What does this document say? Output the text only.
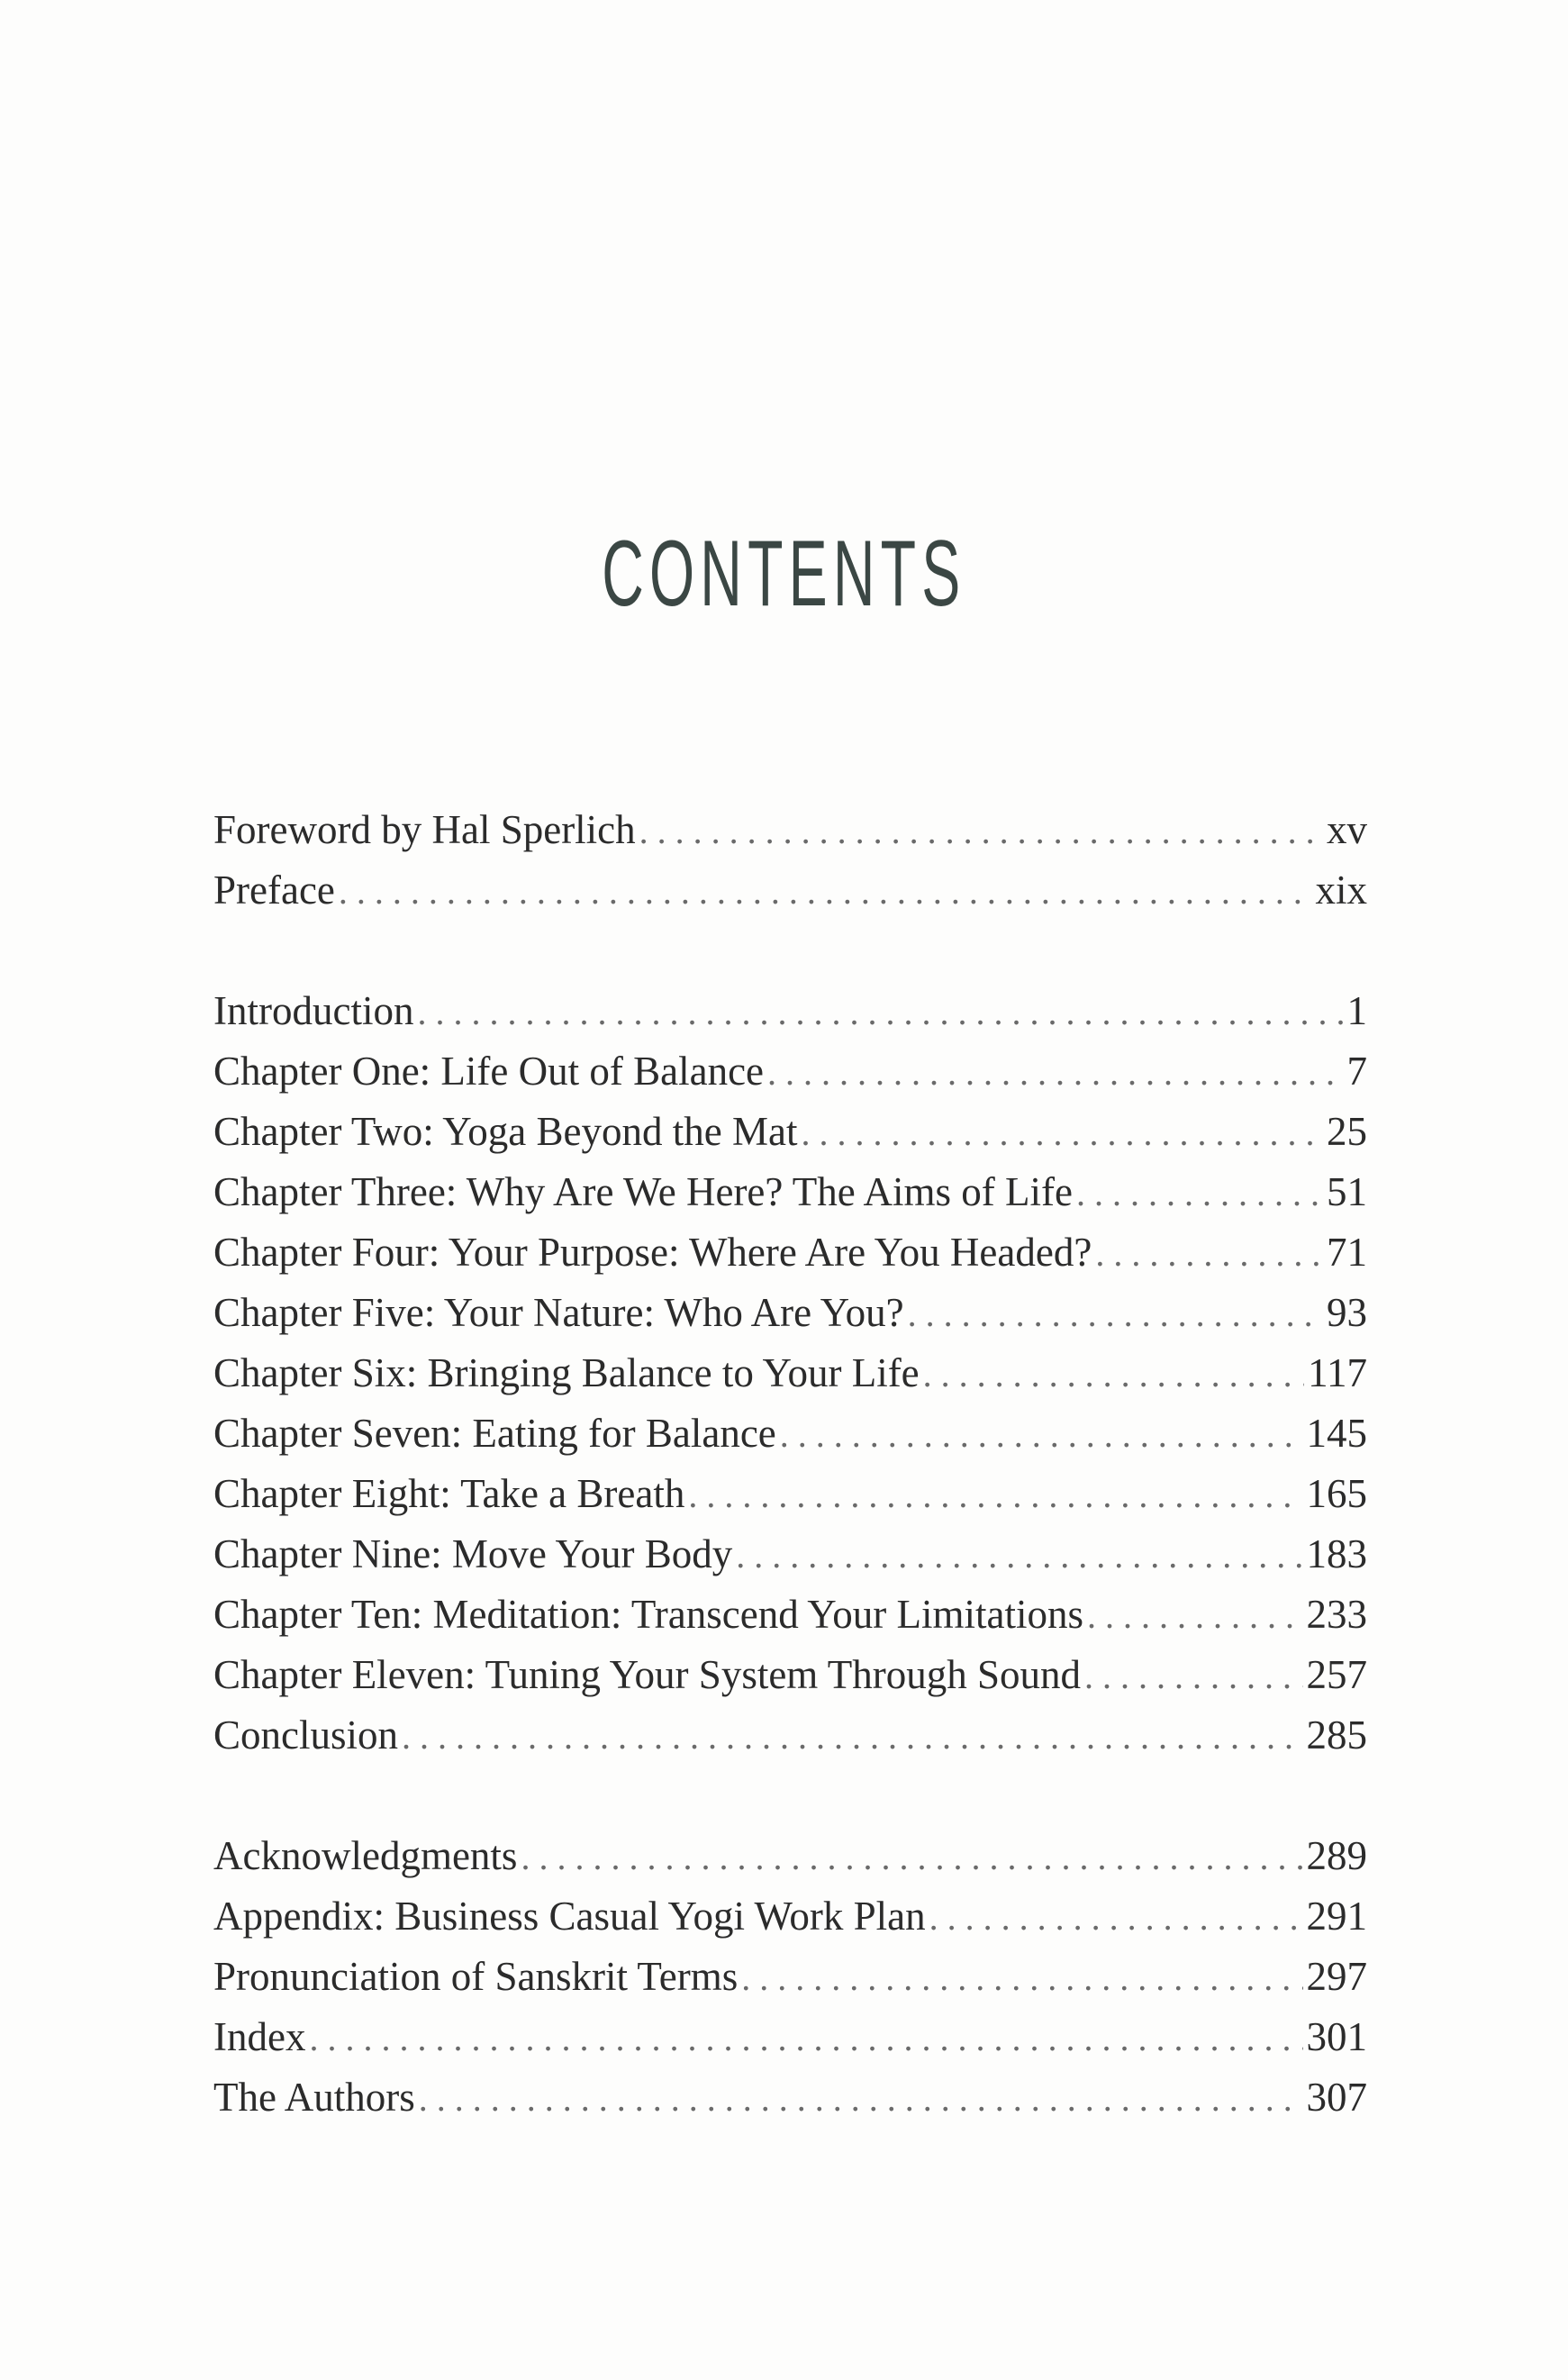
CONTENTS
Foreword by Hal Sperlich . . .	xv
Preface . . .	xix
Introduction . . .	1
Chapter One: Life Out of Balance . . .	7
Chapter Two: Yoga Beyond the Mat . . .	25
Chapter Three: Why Are We Here? The Aims of Life . . .	51
Chapter Four: Your Purpose: Where Are You Headed? . . .	71
Chapter Five: Your Nature: Who Are You? . . .	93
Chapter Six: Bringing Balance to Your Life . . .	117
Chapter Seven: Eating for Balance . . .	145
Chapter Eight: Take a Breath . . .	165
Chapter Nine: Move Your Body . . .	183
Chapter Ten: Meditation: Transcend Your Limitations . . .	233
Chapter Eleven: Tuning Your System Through Sound . . .	257
Conclusion . . .	285
Acknowledgments . . .	289
Appendix: Business Casual Yogi Work Plan . . .	291
Pronunciation of Sanskrit Terms . . .	297
Index . . .	301
The Authors . . .	307
